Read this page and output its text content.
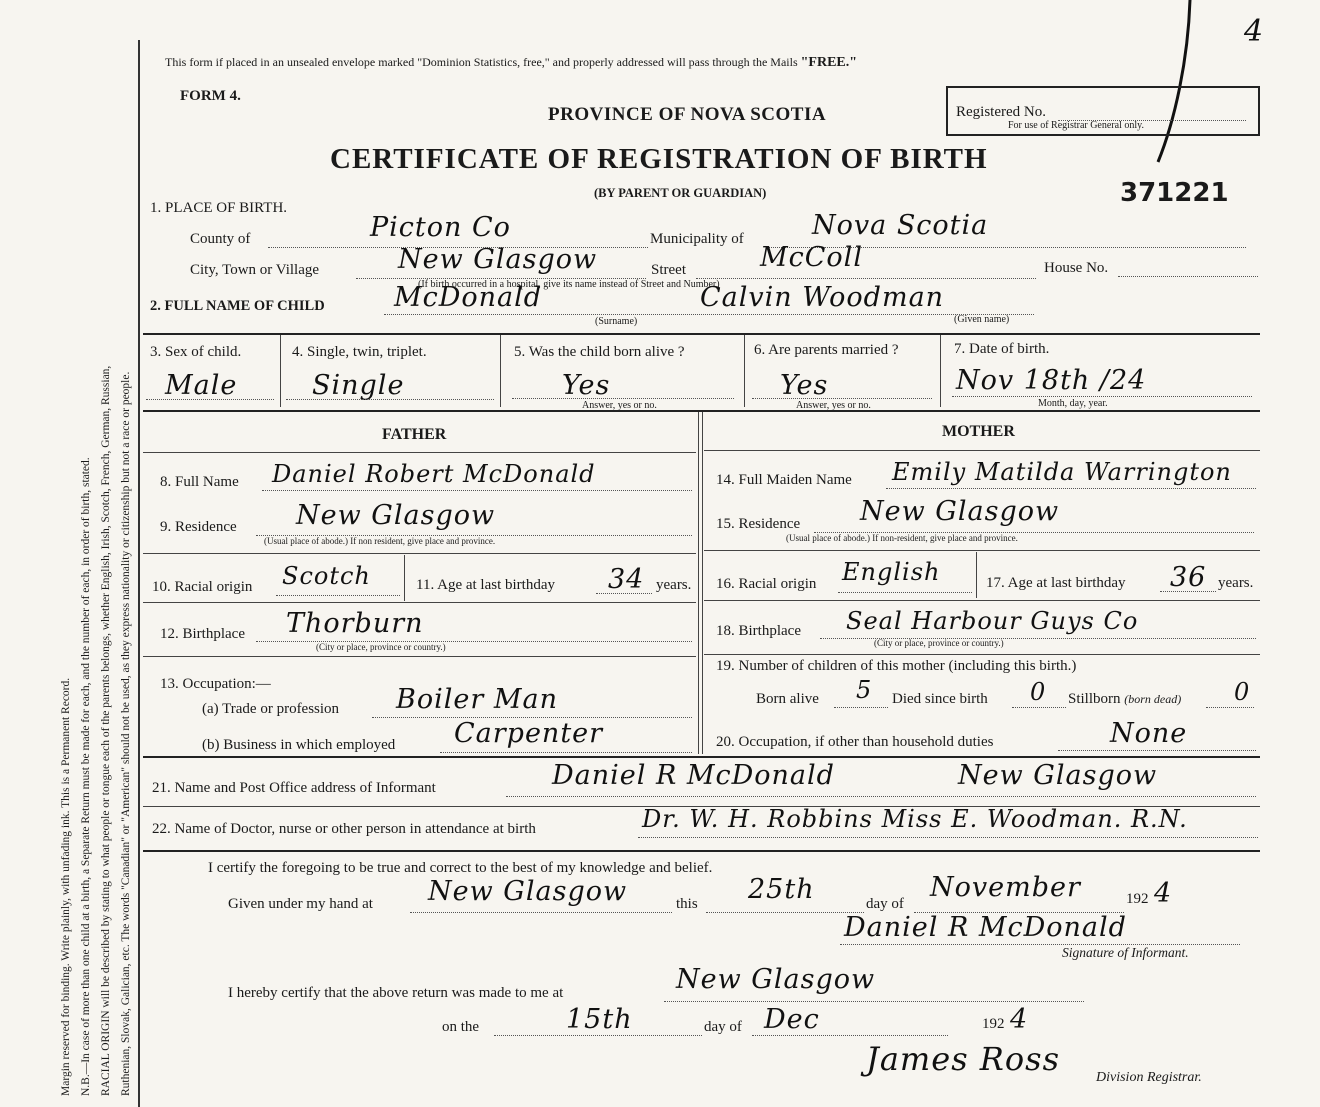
4
Margin reserved for binding. Write plainly, with unfading ink. This is a Permanent Record. N.B.—In case of more than one child at a birth, a Separate Return must be made for each, and the number of each, in order of birth, stated. RACIAL ORIGIN will be described by stating to what people or tongue each of the parents belongs, whether English, Irish, Scotch, French, German, Russian, Ruthenian, Slovak, Galician, etc. The words "Canadian" or "American" should not be used, as they express nationality or citizenship but not a race or people.
This form if placed in an unsealed envelope marked "Dominion Statistics, free," and properly addressed will pass through the Mails "FREE."
FORM 4.
PROVINCE OF NOVA SCOTIA
CERTIFICATE OF REGISTRATION OF BIRTH
(BY PARENT OR GUARDIAN)
Registered No.
For use of Registrar General only.
371221
1. PLACE OF BIRTH.
County of	Picton Co	Municipality of	Nova Scotia
City, Town or Village	New Glasgow	Street	McColl	House No.
(If birth occurred in a hospital, give its name instead of Street and Number)
2. FULL NAME OF CHILD	McDonald
(Surname)
Calvin Woodman
(Given name)
3. Sex of child.
Male
4. Single, twin, triplet.
Single
5. Was the child born alive ?
Yes
Answer, yes or no.
6. Are parents married ?
Yes
Answer, yes or no.
7. Date of birth.
Nov 18th /24
Month, day, year.
FATHER
8. Full Name Daniel Robert McDonald
9. Residence New Glasgow
(Usual place of abode.) If non resident, give place and province.
10. Racial origin Scotch	11. Age at last birthday 34 years.
12. Birthplace Thorburn
(City or place, province or country.)
13. Occupation:—
(a) Trade or profession Boiler Man
(b) Business in which employed Carpenter
MOTHER
14. Full Maiden Name Emily Matilda Warrington
15. Residence New Glasgow
(Usual place of abode.) If non-resident, give place and province.
16. Racial origin English	17. Age at last birthday 36 years.
18. Birthplace Seal Harbour Guys Co
(City or place, province or country.)
19. Number of children of this mother (including this birth.)
Born alive 5 Died since birth 0 Stillborn (born dead) 0
20. Occupation, if other than household duties	None
21. Name and Post Office address of Informant	Daniel R McDonald	New Glasgow
22. Name of Doctor, nurse or other person in attendance at birth	Dr. W. H. Robbins Miss E. Woodman. R.N.
I certify the foregoing to be true and correct to the best of my knowledge and belief.
Given under my hand at New Glasgow	this 25th	day of
November	192 4
Daniel R McDonald
Signature of Informant.
I hereby certify that the above return was made to me at	New Glasgow
on the	15th	day of Dec	192 4
James Ross	Division Registrar.
